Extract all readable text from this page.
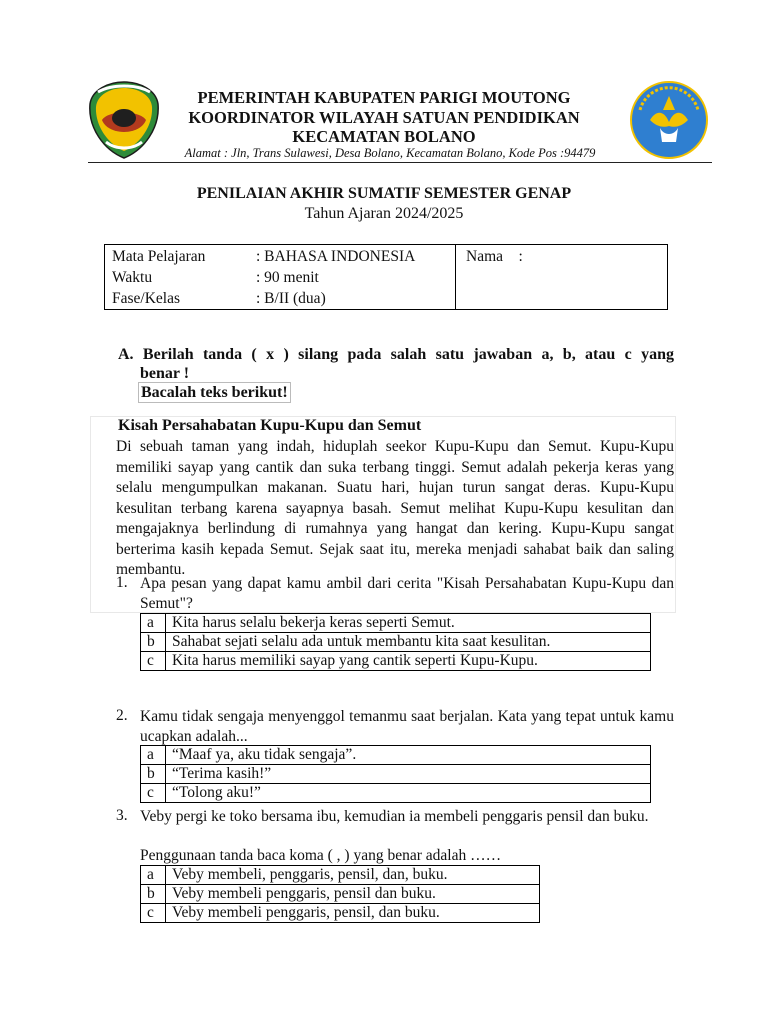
PEMERINTAH KABUPATEN PARIGI MOUTONG
KOORDINATOR WILAYAH SATUAN PENDIDIKAN
KECAMATAN BOLANO
Alamat : Jln, Trans Sulawesi, Desa Bolano, Kecamatan Bolano, Kode Pos :94479
PENILAIAN AKHIR SUMATIF SEMESTER GENAP
Tahun Ajaran 2024/2025
Mata Pelajaran	: BAHASA INDONESIA
Waktu	: 90 menit
Fase/Kelas	: B/II (dua)
Nama :
A. Berilah tanda ( x ) silang pada salah satu jawaban a, b, atau c yang
benar !
Bacalah teks berikut!
Kisah Persahabatan Kupu-Kupu dan Semut
Di sebuah taman yang indah, hiduplah seekor Kupu-Kupu dan Semut. Kupu-Kupu memiliki sayap yang cantik dan suka terbang tinggi. Semut adalah pekerja keras yang selalu mengumpulkan makanan. Suatu hari, hujan turun sangat deras. Kupu-Kupu kesulitan terbang karena sayapnya basah. Semut melihat Kupu-Kupu kesulitan dan mengajaknya berlindung di rumahnya yang hangat dan kering. Kupu-Kupu sangat berterima kasih kepada Semut. Sejak saat itu, mereka menjadi sahabat baik dan saling membantu.
1. Apa pesan yang dapat kamu ambil dari cerita "Kisah Persahabatan Kupu-Kupu dan Semut"?
a	Kita harus selalu bekerja keras seperti Semut.
b	Sahabat sejati selalu ada untuk membantu kita saat kesulitan.
c	Kita harus memiliki sayap yang cantik seperti Kupu-Kupu.
2. Kamu tidak sengaja menyenggol temanmu saat berjalan. Kata yang tepat untuk kamu ucapkan adalah...
a	“Maaf ya, aku tidak sengaja”.
b	“Terima kasih!”
c	“Tolong aku!”
3. Veby pergi ke toko bersama ibu, kemudian ia membeli penggaris pensil dan buku.
Penggunaan tanda baca koma ( , ) yang benar adalah ……
a	Veby membeli, penggaris, pensil, dan, buku.
b	Veby membeli penggaris, pensil dan buku.
c	Veby membeli penggaris, pensil, dan buku.
